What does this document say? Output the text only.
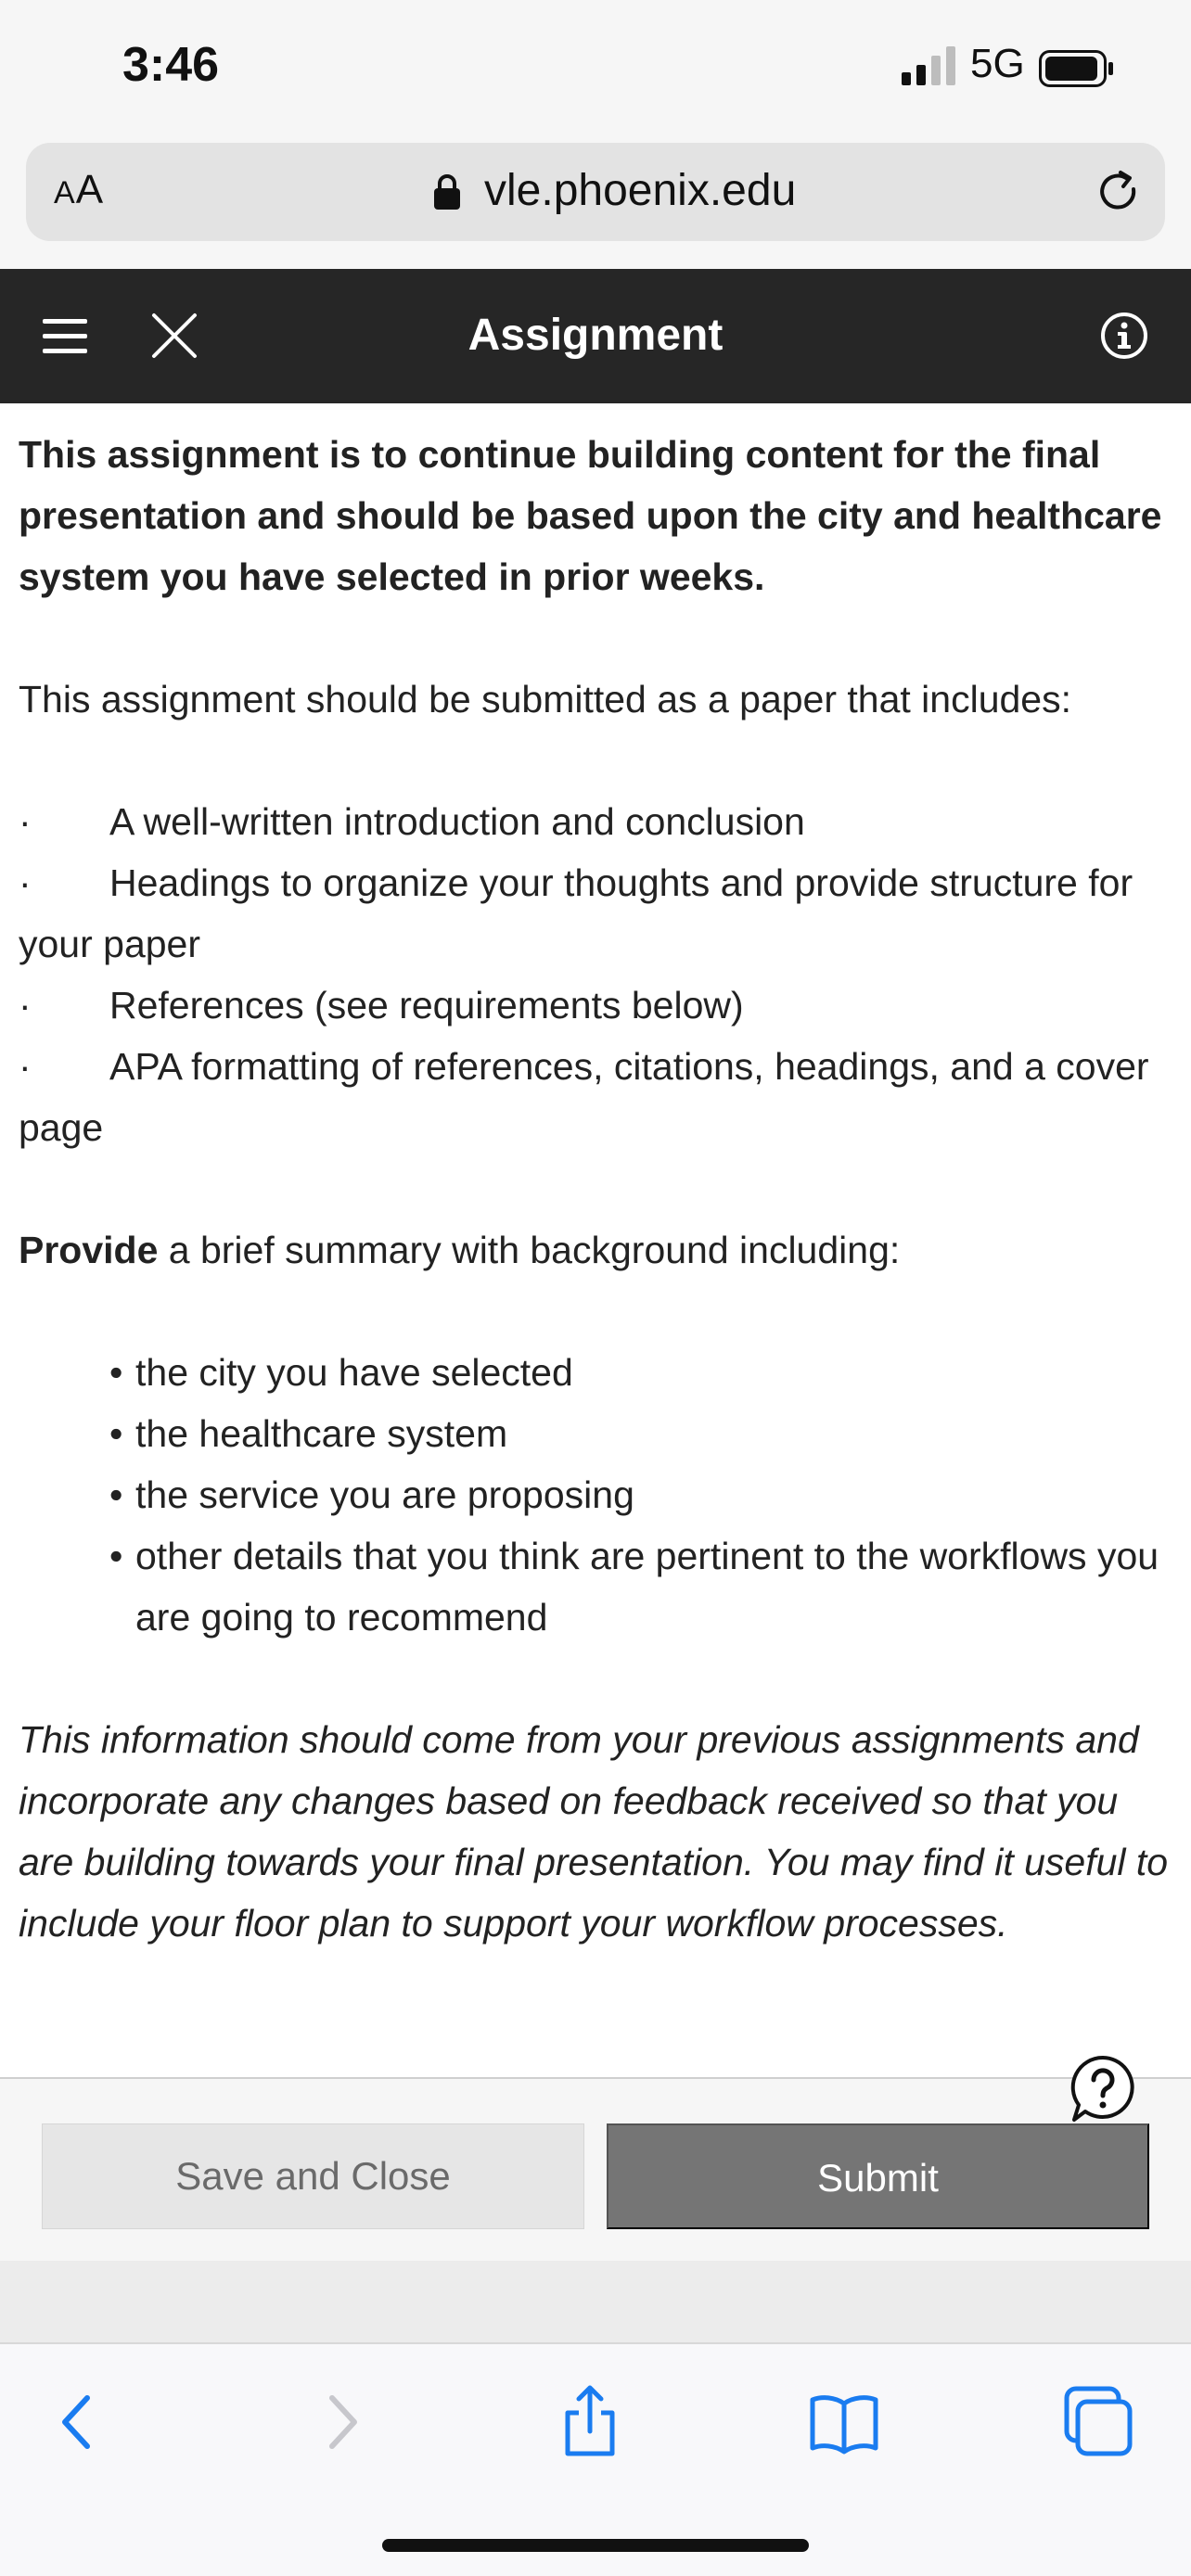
3:46	5G
AA	vle.phoenix.edu
Assignment

This assignment is to continue building content for the final presentation and should be based upon the city and healthcare system you have selected in prior weeks.

This assignment should be submitted as a paper that includes:

· A well-written introduction and conclusion
· Headings to organize your thoughts and provide structure for your paper
· References (see requirements below)
· APA formatting of references, citations, headings, and a cover page

Provide a brief summary with background including:

• the city you have selected
• the healthcare system
• the service you are proposing
• other details that you think are pertinent to the workflows you are going to recommend

This information should come from your previous assignments and incorporate any changes based on feedback received so that you are building towards your final presentation. You may find it useful to include your floor plan to support your workflow processes.

Save and Close	Submit
